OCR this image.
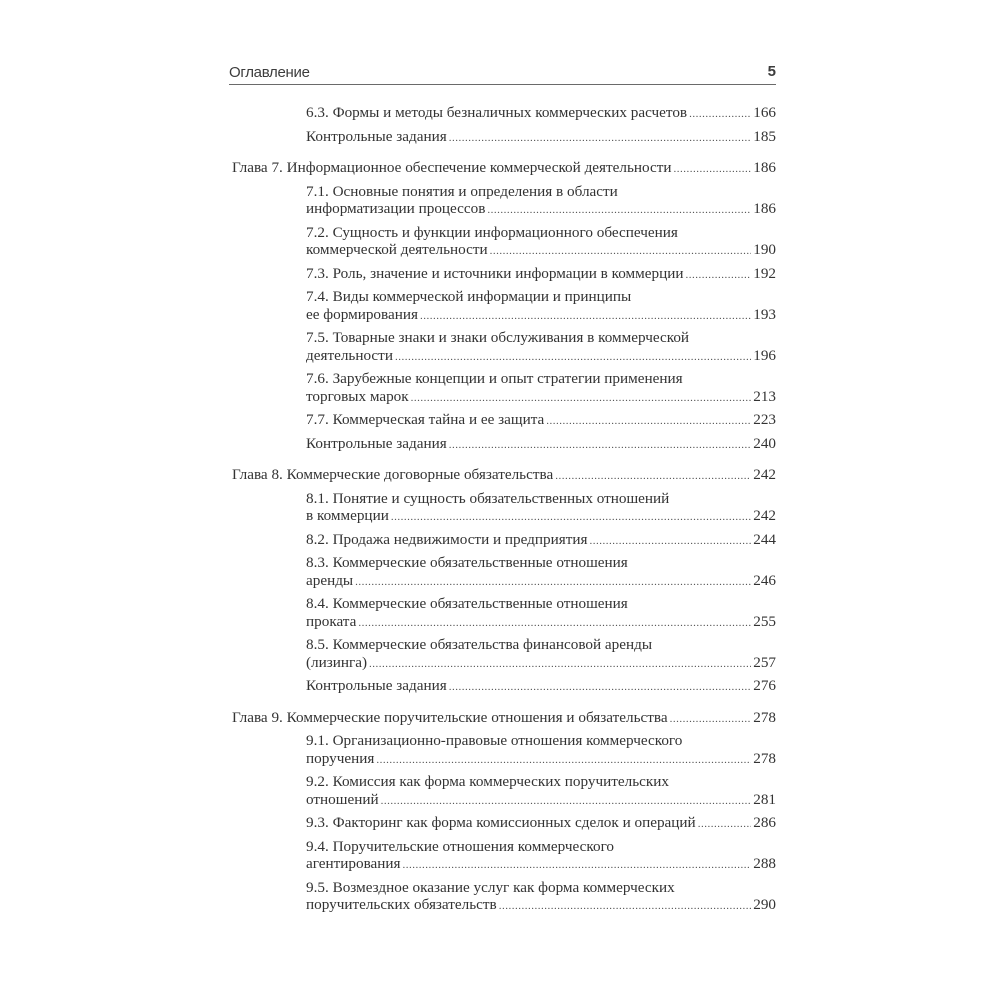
Оглавление	5
6.3. Формы и методы безналичных коммерческих расчетов .....	166
Контрольные задания .....	185
Глава 7. Информационное обеспечение коммерческой деятельности .....	186
7.1. Основные понятия и определения в области
информатизации процессов .....	186
7.2. Сущность и функции информационного обеспечения
коммерческой деятельности .....	190
7.3. Роль, значение и источники информации в коммерции .....	192
7.4. Виды коммерческой информации и принципы
ее формирования .....	193
7.5. Товарные знаки и знаки обслуживания в коммерческой
деятельности .....	196
7.6. Зарубежные концепции и опыт стратегии применения
торговых марок .....	213
7.7. Коммерческая тайна и ее защита .....	223
Контрольные задания .....	240
Глава 8. Коммерческие договорные обязательства .....	242
8.1. Понятие и сущность обязательственных отношений
в коммерции .....	242
8.2. Продажа недвижимости и предприятия .....	244
8.3. Коммерческие обязательственные отношения
аренды .....	246
8.4. Коммерческие обязательственные отношения
проката .....	255
8.5. Коммерческие обязательства финансовой аренды
(лизинга) .....	257
Контрольные задания .....	276
Глава 9. Коммерческие поручительские отношения и обязательства .....	278
9.1. Организационно-правовые отношения коммерческого
поручения .....	278
9.2. Комиссия как форма коммерческих поручительских
отношений .....	281
9.3. Факторинг как форма комиссионных сделок и операций .....	286
9.4. Поручительские отношения коммерческого
агентирования .....	288
9.5. Возмездное оказание услуг как форма коммерческих
поручительских обязательств .....	290
